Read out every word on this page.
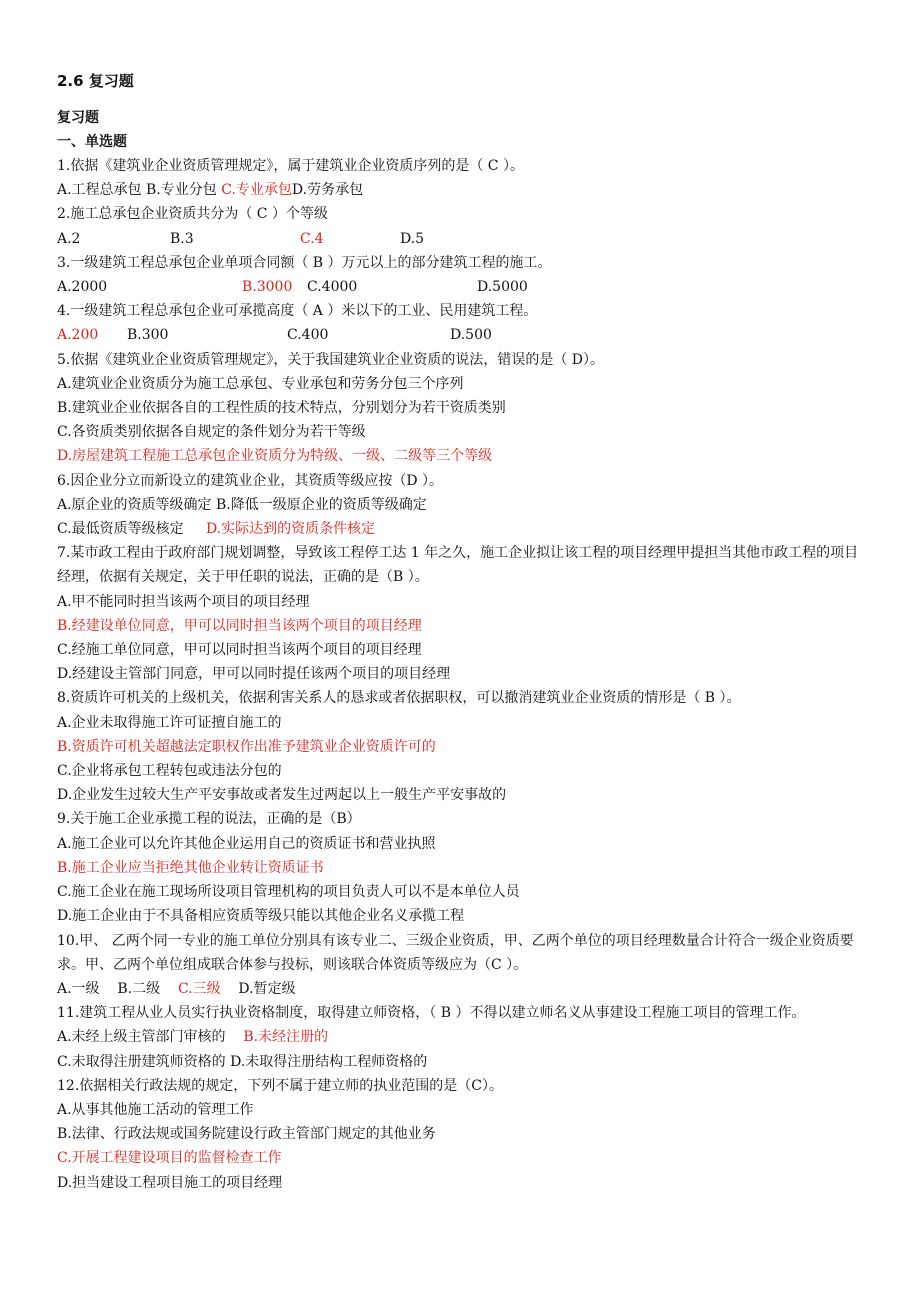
2.6 复习题
复习题
一、单选题
1.依据《建筑业企业资质管理规定》，属于建筑业企业资质序列的是（ C ）。
A.工程总承包 B.专业分包 C.专业承包D.劳务承包
2.施工总承包企业资质共分为（ C ）个等级
A.2	B.3	C.4	D.5
3.一级建筑工程总承包企业单项合同额（ B ）万元以上的部分建筑工程的施工。
A.2000	B.3000	C.4000	D.5000
4.一级建筑工程总承包企业可承揽高度（ A ）米以下的工业、民用建筑工程。
A.200	B.300	C.400	D.500
5.依据《建筑业企业资质管理规定》，关于我国建筑业企业资质的说法，错误的是（ D）。
A.建筑业企业资质分为施工总承包、专业承包和劳务分包三个序列
B.建筑业企业依据各自的工程性质的技术特点，分别划分为若干资质类别
C.各资质类别依据各自规定的条件划分为若干等级
D.房屋建筑工程施工总承包企业资质分为特级、一级、二级等三个等级
6.因企业分立而新设立的建筑业企业，其资质等级应按（D ）。
A.原企业的资质等级确定 B.降低一级原企业的资质等级确定
C.最低资质等级核定     D.实际达到的资质条件核定
7.某市政工程由于政府部门规划调整，导致该工程停工达 1 年之久，施工企业拟让该工程的项目经理甲提担当其他市政工程的项目经理，依据有关规定，关于甲任职的说法，正确的是（B ）。
A.甲不能同时担当该两个项目的项目经理
B.经建设单位同意，甲可以同时担当该两个项目的项目经理
C.经施工单位同意，甲可以同时担当该两个项目的项目经理
D.经建设主管部门同意，甲可以同时提任该两个项目的项目经理
8.资质许可机关的上级机关，依据利害关系人的恳求或者依据职权，可以撤消建筑业企业资质的情形是（ B ）。
A.企业未取得施工许可证擅自施工的
B.资质许可机关超越法定职权作出准予建筑业企业资质许可的
C.企业将承包工程转包或违法分包的
D.企业发生过较大生产平安事故或者发生过两起以上一般生产平安事故的
9.关于施工企业承揽工程的说法，正确的是（B）
A.施工企业可以允许其他企业运用自己的资质证书和营业执照
B.施工企业应当拒绝其他企业转让资质证书
C.施工企业在施工现场所设项目管理机构的项目负责人可以不是本单位人员
D.施工企业由于不具备相应资质等级只能以其他企业名义承揽工程
10.甲、 乙两个同一专业的施工单位分别具有该专业二、三级企业资质，甲、乙两个单位的项目经理数量合计符合一级企业资质要求。甲、乙两个单位组成联合体参与投标，则该联合体资质等级应为（C ）。
A.一级    B.二级    C.三级    D.暂定级
11.建筑工程从业人员实行执业资格制度，取得建立师资格，（ B ）不得以建立师名义从事建设工程施工项目的管理工作。
A.未经上级主管部门审核的    B.未经注册的
C.未取得注册建筑师资格的 D.未取得注册结构工程师资格的
12.依据相关行政法规的规定，下列不属于建立师的执业范围的是（C）。
A.从事其他施工活动的管理工作
B.法律、行政法规或国务院建设行政主管部门规定的其他业务
C.开展工程建设项目的监督检查工作
D.担当建设工程项目施工的项目经理
